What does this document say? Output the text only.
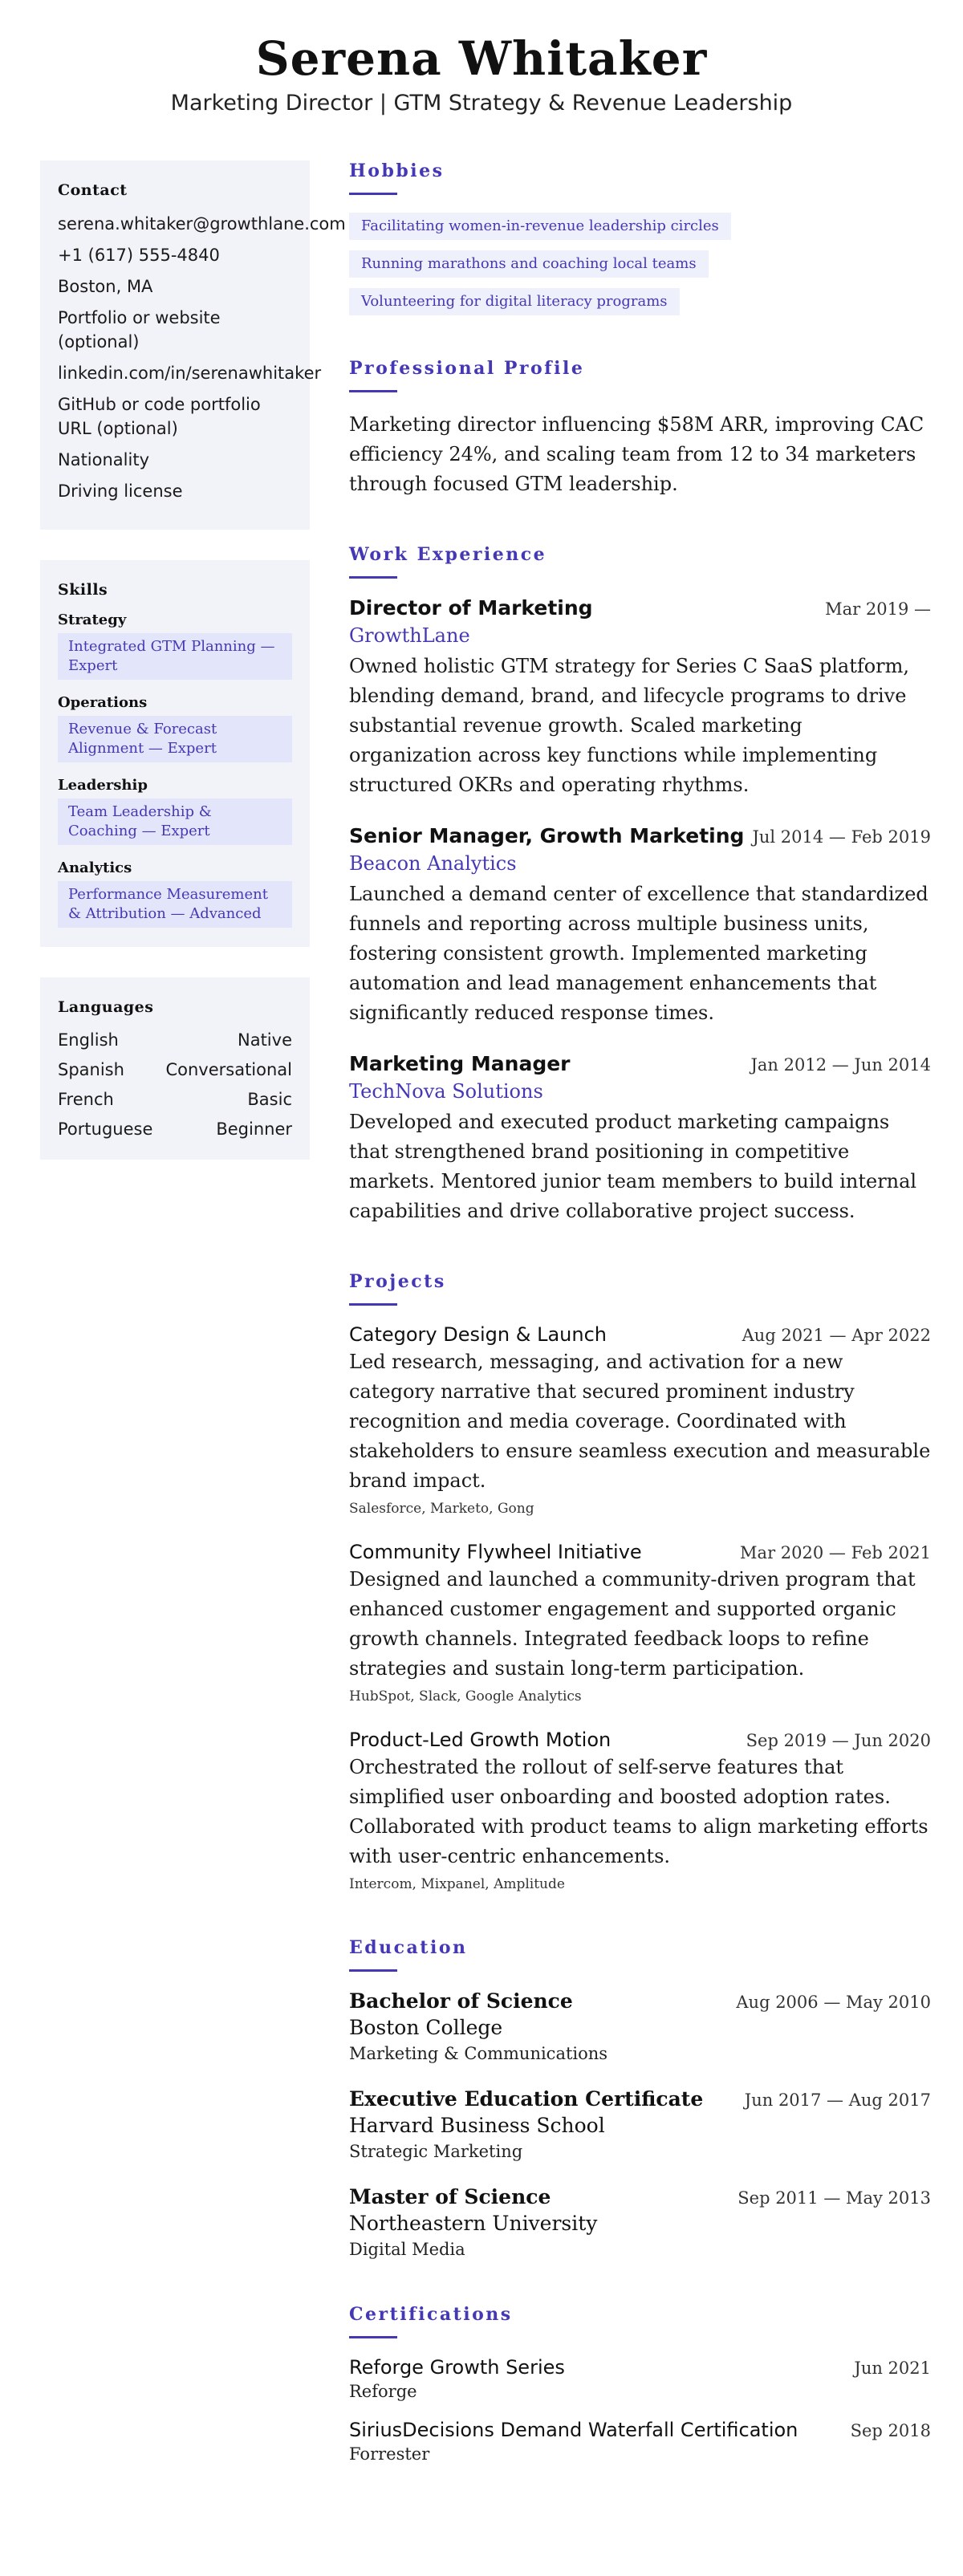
Serena Whitaker
Marketing Director | GTM Strategy & Revenue Leadership
Contact
serena.whitaker@growthlane.com
+1 (617) 555-4840
Boston, MA
Portfolio or website (optional)
linkedin.com/in/serenawhitaker
GitHub or code portfolio URL (optional)
Nationality
Driving license
Skills
Strategy
Integrated GTM Planning — Expert
Operations
Revenue & Forecast Alignment — Expert
Leadership
Team Leadership & Coaching — Expert
Analytics
Performance Measurement & Attribution — Advanced
Languages
English	Native
Spanish Conversational
French	Basic
Portuguese	Beginner
Hobbies
Facilitating women-in-revenue leadership circles
Running marathons and coaching local teams
Volunteering for digital literacy programs
Professional Profile
Marketing director influencing $58M ARR, improving CAC efficiency 24%, and scaling team from 12 to 34 marketers through focused GTM leadership.
Work Experience
Director of Marketing	Mar 2019 —
GrowthLane
Owned holistic GTM strategy for Series C SaaS platform, blending demand, brand, and lifecycle programs to drive substantial revenue growth. Scaled marketing organization across key functions while implementing structured OKRs and operating rhythms.
Senior Manager, Growth Marketing Jul 2014 — Feb 2019
Beacon Analytics
Launched a demand center of excellence that standardized funnels and reporting across multiple business units, fostering consistent growth. Implemented marketing automation and lead management enhancements that significantly reduced response times.
Marketing Manager	Jan 2012 — Jun 2014
TechNova Solutions
Developed and executed product marketing campaigns that strengthened brand positioning in competitive markets. Mentored junior team members to build internal capabilities and drive collaborative project success.
Projects
Category Design & Launch	Aug 2021 — Apr 2022
Led research, messaging, and activation for a new category narrative that secured prominent industry recognition and media coverage. Coordinated with stakeholders to ensure seamless execution and measurable brand impact.
Salesforce, Marketo, Gong
Community Flywheel Initiative	Mar 2020 — Feb 2021
Designed and launched a community-driven program that enhanced customer engagement and supported organic growth channels. Integrated feedback loops to refine strategies and sustain long-term participation.
HubSpot, Slack, Google Analytics
Product-Led Growth Motion	Sep 2019 — Jun 2020
Orchestrated the rollout of self-serve features that simplified user onboarding and boosted adoption rates. Collaborated with product teams to align marketing efforts with user-centric enhancements.
Intercom, Mixpanel, Amplitude
Education
Bachelor of Science	Aug 2006 — May 2010
Boston College
Marketing & Communications
Executive Education Certificate Jun 2017 — Aug 2017
Harvard Business School
Strategic Marketing
Master of Science	Sep 2011 — May 2013
Northeastern University
Digital Media
Certifications
Reforge Growth Series	Jun 2021
Reforge
SiriusDecisions Demand Waterfall Certification	Sep 2018
Forrester
